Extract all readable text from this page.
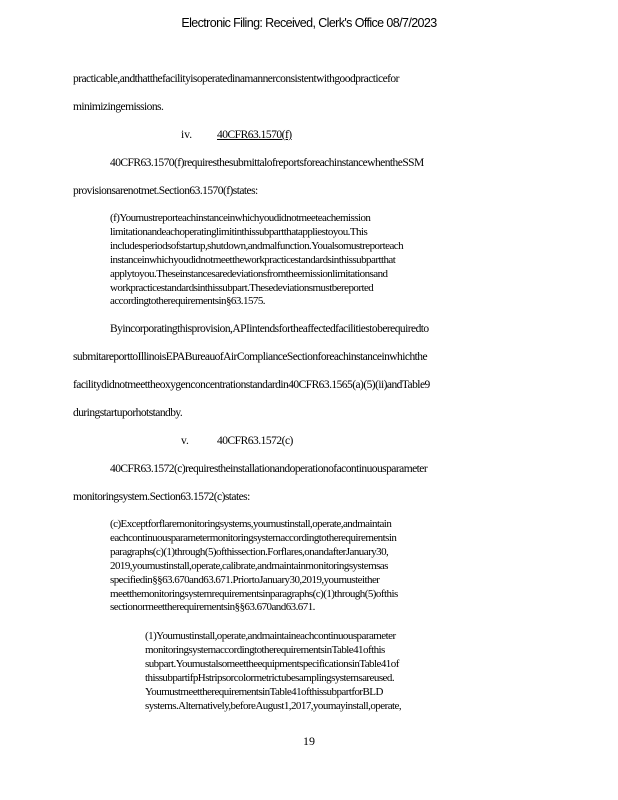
Electronic Filing: Received, Clerk's Office 08/7/2023
practicable,andthatthefacilityisoperatedinamannerconsistentwithgoodpracticefor
minimizingemissions.
iv. 40CFR63.1570(f)
40CFR63.1570(f)requiresthesubmittalofreportsforeachinstancewhentheSSM
provisionsarenotmet.Section63.1570(f)states:
(f)Youmustreporteachinstanceinwhichyoudidnotmeeteachemission
limitationandeachoperatinglimitinthissubpartthatappliestoyou.This
includesperiodsofstartup,shutdown,andmalfunction.Youalsomustreporteach
instanceinwhichyoudidnotmeettheworkpracticestandardsinthissubpartthat
applytoyou.Theseinstancesaredeviationsfromtheemissionlimitationsand
workpracticestandardsinthissubpart.Thesedeviationsmustbereported
accordingtotherequirementsin§63.1575.
Byincorporatingthisprovision,APIintendsfortheaffectedfacilitiestoberequiredto
submitareporttoIllinoisEPABureauofAirComplianceSectionforeachinstanceinwhichthe
facilitydidnotmeettheoxygenconcentrationstandardin40CFR63.1565(a)(5)(ii)andTable9
duringstartuporhotstandby.
v. 40CFR63.1572(c)
40CFR63.1572(c)requirestheinstallationandoperationofacontinuousparameter
monitoringsystem.Section63.1572(c)states:
(c)Exceptforflaremonitoringsystems,youmustinstall,operate,andmaintain
eachcontinuousparametermonitoringsystemaccordingtotherequirementsin
paragraphs(c)(1)through(5)ofthissection.Forflares,onandafterJanuary30,
2019,youmustinstall,operate,calibrate,andmaintainmonitoringsystemsas
specifiedin§§63.670and63.671.PriortoJanuary30,2019,youmusteither
meetthemonitoringsystemrequirementsinparagraphs(c)(1)through(5)ofthis
sectionormeettherequirementsin§§63.670and63.671.
(1)Youmustinstall,operate,andmaintaineachcontinuousparameter
monitoringsystemaccordingtotherequirementsinTable41ofthis
subpart.YoumustalsomeettheequipmentspecificationsinTable41of
thissubpartifpHstripsorcolormetrictubesamplingsystemsareused.
YoumustmeettherequirementsinTable41ofthissubpartforBLD
systems.Alternatively,beforeAugust1,2017,youmayinstall,operate,
19
